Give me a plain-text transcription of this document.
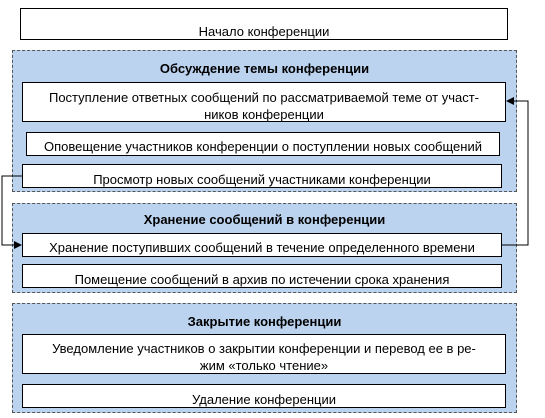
Начало конференции
Обсуждение темы конференции
Поступление ответных сообщений по рассматриваемой теме от участ-
ников конференции
Оповещение участников конференции о поступлении новых сообщений
Просмотр новых сообщений участниками конференции
Хранение сообщений в конференции
Хранение поступивших сообщений в течение определенного времени
Помещение сообщений в архив по истечении срока хранения
Закрытие конференции
Уведомление участников о закрытии конференции и перевод ее в ре-
жим «только чтение»
Удаление конференции
